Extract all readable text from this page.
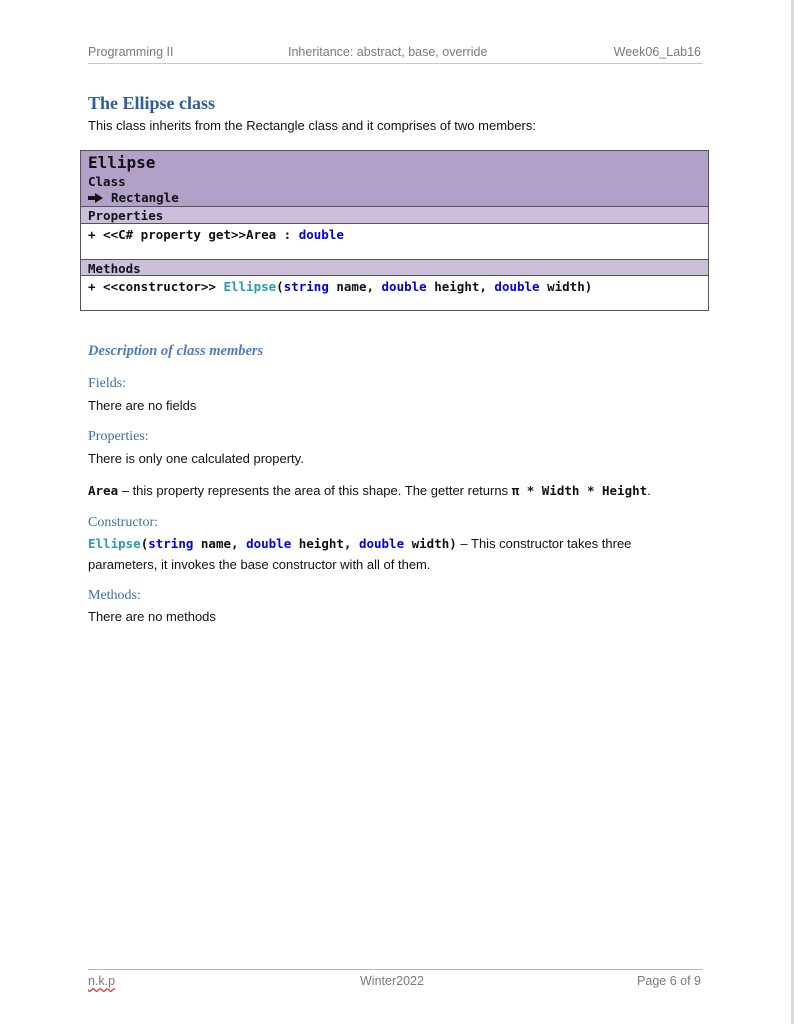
Programming II	Inheritance: abstract, base, override	Week06_Lab16
The Ellipse class
This class inherits from the Rectangle class and it comprises of two members:
Ellipse
Class
Rectangle
Properties
+ <<C# property get>>Area : double
Methods
+ <<constructor>> Ellipse(string name, double height, double width)
Description of class members
Fields:
There are no fields
Properties:
There is only one calculated property.
Area – this property represents the area of this shape. The getter returns π * Width * Height.
Constructor:
Ellipse(string name, double height, double width) – This constructor takes three
parameters, it invokes the base constructor with all of them.
Methods:
There are no methods
n.k.p	Winter2022	Page 6 of 9
